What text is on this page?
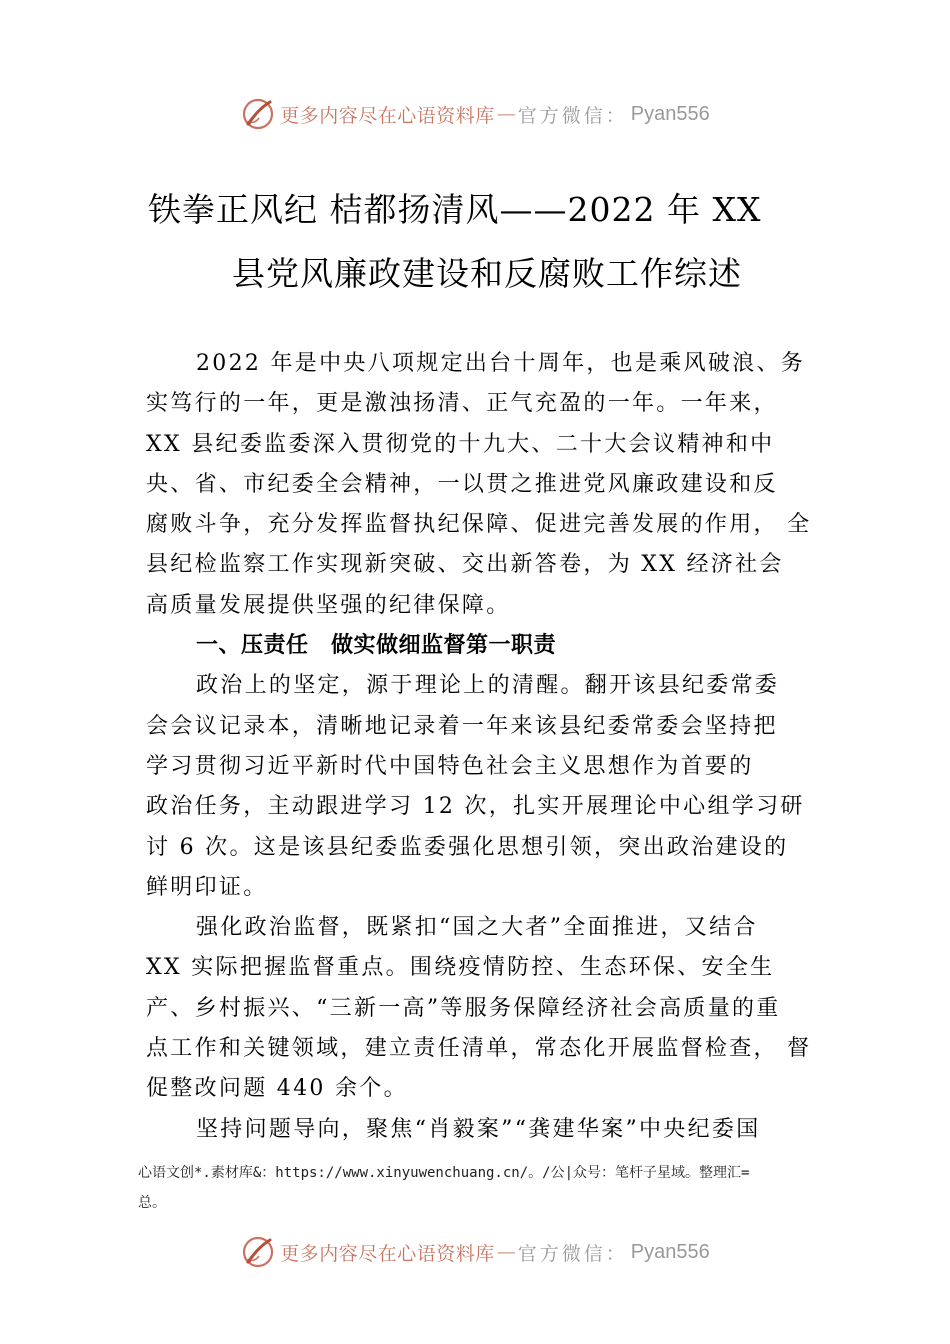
更多内容尽在心语资料库 — 官方微信 ： Pyan556
铁拳正风纪 桔都扬清风——2022 年 XX
县党风廉政建设和反腐败工作综述
2022 年是中央八项规定出台十周年，也是乘风破浪、务
实笃行的一年，更是激浊扬清、正气充盈的一年。一年来，
XX 县纪委监委深入贯彻党的十九大、二十大会议精神和中
央、省、市纪委全会精神，一以贯之推进党风廉政建设和反
腐败斗争，充分发挥监督执纪保障、促进完善发展的作用， 全
县纪检监察工作实现新突破、交出新答卷，为 XX 经济社会
高质量发展提供坚强的纪律保障。
一、压责任　做实做细监督第一职责
政治上的坚定，源于理论上的清醒。翻开该县纪委常委
会会议记录本，清晰地记录着一年来该县纪委常委会坚持把
学习贯彻习近平新时代中国特色社会主义思想作为首要的
政治任务，主动跟进学习 12 次，扎实开展理论中心组学习研
讨 6 次。这是该县纪委监委强化思想引领，突出政治建设的
鲜明印证。
强化政治监督，既紧扣“国之大者”全面推进，又结合
XX 实际把握监督重点。围绕疫情防控、生态环保、安全生
产、乡村振兴、“三新一高”等服务保障经济社会高质量的重
点工作和关键领域，建立责任清单，常态化开展监督检查， 督
促整改问题 440 余个。
坚持问题导向，聚焦“肖毅案”“龚建华案”中央纪委国
心语文创*.素材库&：https://www.xinyuwenchuang.cn/。/公|众号：笔杆子星域。整理汇=
总。
更多内容尽在心语资料库 — 官方微信 ： Pyan556
